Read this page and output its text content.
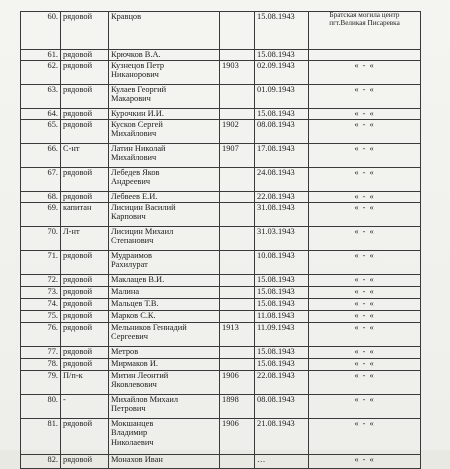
60.	рядовой	Кравцов		15.08.1943	Братская могила центр пгт.Великая Писаревка

61.	рядовой	Крючков В.А.		15.08.1943	
62.	рядовой	Кузнецов Петр
Никанорович	1903	02.09.1943	« - «

63.	рядовой	Кулаев Георгий
Макарович		01.09.1943	« - «

64.	рядовой	Курочкин И.И.		15.08.1943	« - «

65.	рядовой	Кусков Сергей
Михайлович	1902	08.08.1943	« - «

66.	С-нт	Латин Николай
Михайлович	1907	17.08.1943	« - «

67.	рядовой	Лебедев Яков
Андреевич		24.08.1943	« - «

68.	рядовой	Лебвеев Е.И.		22.08.1943	« - «

69.	капитан	Лисицин Василий
Карпович		31.08.1943	« - «

70.	Л-нт	Лисицин Михаил
Степанович		31.03.1943	« - «

71.	рядовой	Мудраимов
Рахилурат		10.08.1943	« - «

72.	рядовой	Маклацев В.И.		15.08.1943	« - «

73.	рядовой	Малина		15.08.1943	« - «

74.	рядовой	Мальцев Т.В.		15.08.1943	« - «

75.	рядовой	Марков С.К.		11.08.1943	« - «

76.	рядовой	Мельников Геннадий
Сергеевич	1913	11.09.1943	« - «

77.	рядовой	Метров		15.08.1943	« - «

78.	рядовой	Мирмаков И.		15.08.1943	« - «

79.	П/п-к	Митин Леонтий
Яковлевович	1906	22.08.1943	« - «

80.	-	Михайлов Михаил
Петрович	1898	08.08.1943	« - «

81.	рядовой	Мокшанцев
Владимир
Николаевич	1906	21.08.1943	« - «

82.	рядовой	Монахов Иван		…	« - «
